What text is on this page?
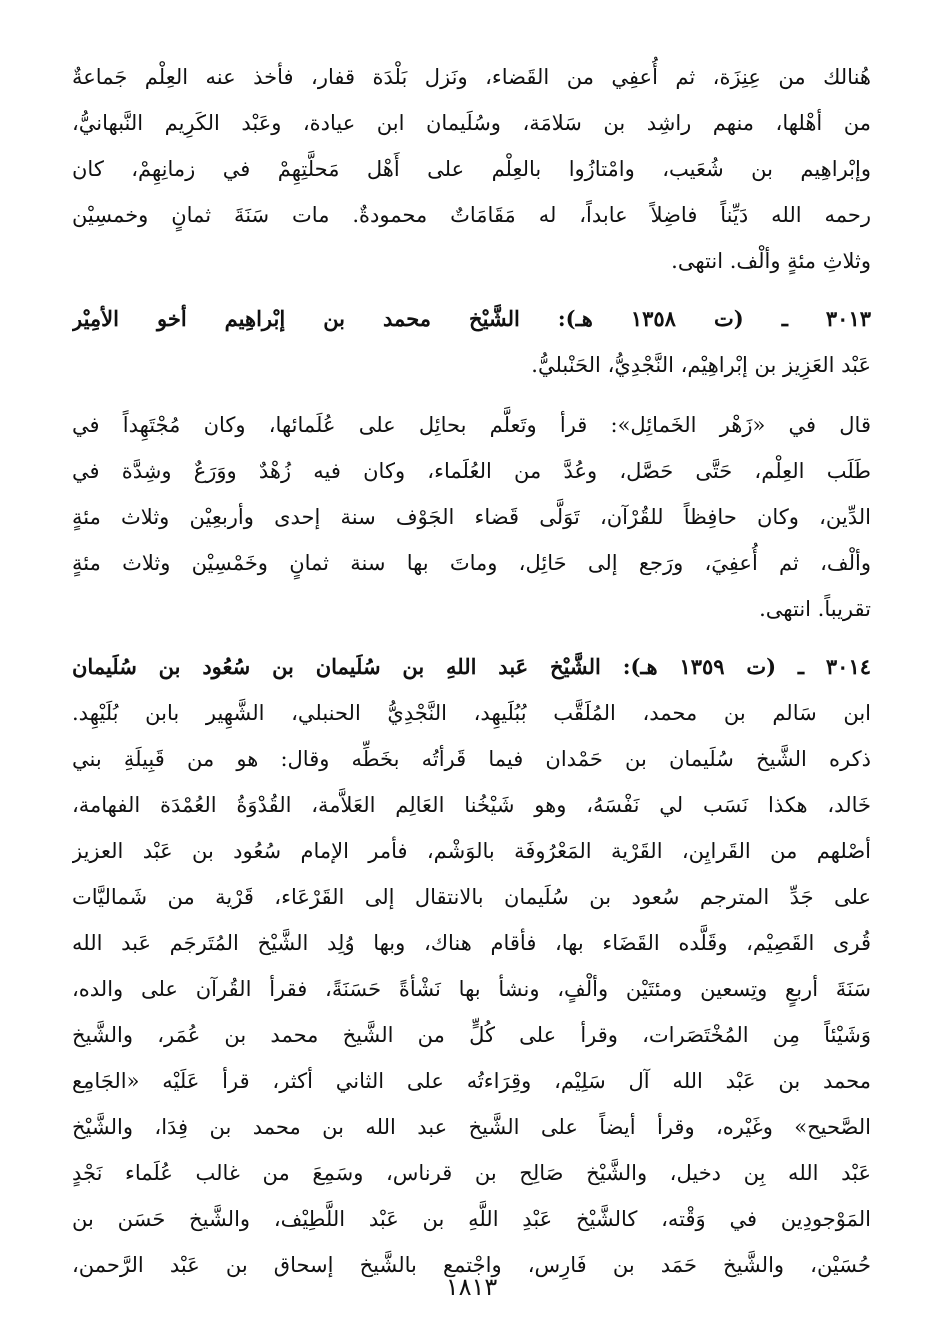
هُنالك من عِنِزَة، ثم أُعفِي من القَضاء، ونَزل بَلْدَة قفار، فأخذ عنه العِلْم جَماعةٌ
من أهْلها، منهم راشِد بن سَلامَة، وسُلَيمان ابن عيادة، وعَبْد الكَرِيم النَّبهانيُّ،
وإبْراهِيم بن شُعَيب، وامْتازُوا بالعِلْم على أَهْل مَحلَّتِهِمْ في زمانِهِمْ، كان
رحمه الله دَيِّناً فاضِلاً عابداً، له مَقَامَاتٌ محمودةٌ. مات سَنَةَ ثمانٍ وخمسِيْن
وثلاثِ مئةٍ وألْف. انتهى.
٣٠١٣ ـ (ت ١٣٥٨ هـ): الشَّيْخ محمد بن إبْراهِيم أخو الأمِيْر
عَبْد العَزِيز بن إبْراهِيْم، النَّجْدِيُّ، الحَنْبليُّ.
قال في «زَهْر الخَمائِل»: قرأ وتَعلَّم بحائِل على عُلَمائها، وكان مُجْتَهِداً في
طَلَب العِلْم، حَتَّى حَصَّل، وعُدَّ من العُلَماء، وكان فيه زُهْدٌ ووَرَعٌ وشِدَّة في
الدِّين، وكان حافِظاً للقُرْآن، تَوَلَّى قَضاء الجَوْف سنة إحدى وأربعِيْن وثلاث مئةٍ
وألْف، ثم أُعفِيَ، ورَجع إلى حَائِل، وماتَ بها سنة ثمانٍ وخَمْسِيْن وثلاث مئةٍ
تقريباً. انتهى.
٣٠١٤ ـ (ت ١٣٥٩ هـ): الشَّيْخ عَبد اللهِ بن سُلَيمان بن سُعُود بن سُلَيمان
ابن سَالم بن محمد، المُلَقَّب بُبُلَيهِد، النَّجْدِيُّ الحنبلي، الشَّهِير بابن بُلَيْهِد.
ذكره الشَّيخ سُلَيمان بن حَمْدان فيما قَرأتُه بخَطِّه وقال: هو من قَبِيلَةِ بني
خَالد، هكذا نَسَب لي نَفْسَهُ، وهو شَيْخُنا العَالِم العَلاَّمة، القُدْوَةُ العُمْدَة الفهامة،
أصْلهم من القَرايِن، القَرْية المَعْرُوفَة بالوَشْم، فأمر الإمام سُعُود بن عَبْد العزيز
على جَدِّ المترجم سُعود بن سُلَيمان بالانتقال إلى القَرْعَاء، قَرْية من شَماليَّات
قُرى القَصِيْم، وقَلَّده القَضَاء بها، فأقام هناك، وبها وُلِد الشَّيْخ المُتَرجَم عَبد الله
سَنَةَ أربعٍ وتِسعين ومئتَيْن وألْفٍ، ونشأ بها نَشْأةً حَسَنَةً، فقرأ القُرآن على والده،
وَشَيْئاً مِن المُخْتَصَرات، وقرأ على كُلٍّ من الشَّيخ محمد بن عُمَر، والشَّيخ
محمد بن عَبْد الله آل سَلِيْم، وقِرَاءتُه على الثاني أكثر، قرأ عَلَيْه «الجَامِع
الصَّحيح» وغَيْره، وقرأ أيضاً على الشَّيخ عبد الله بن محمد بن فِدَا، والشَّيْخ
عَبْد الله بِن دخيل، والشَّيْخ صَالِح بن قرناس، وسَمِعَ من غالب عُلَماء نَجْدٍ
المَوْجودِين في وَقْته، كالشَّيْخ عَبْدِ اللَّهِ بن عَبْد اللَّطِيْف، والشَّيخ حَسَن بن
حُسَيْن، والشَّيخ حَمَد بن فَارِس، واجْتمع بالشَّيخ إسحاق بن عَبْد الرَّحمن،
١٨١٣
